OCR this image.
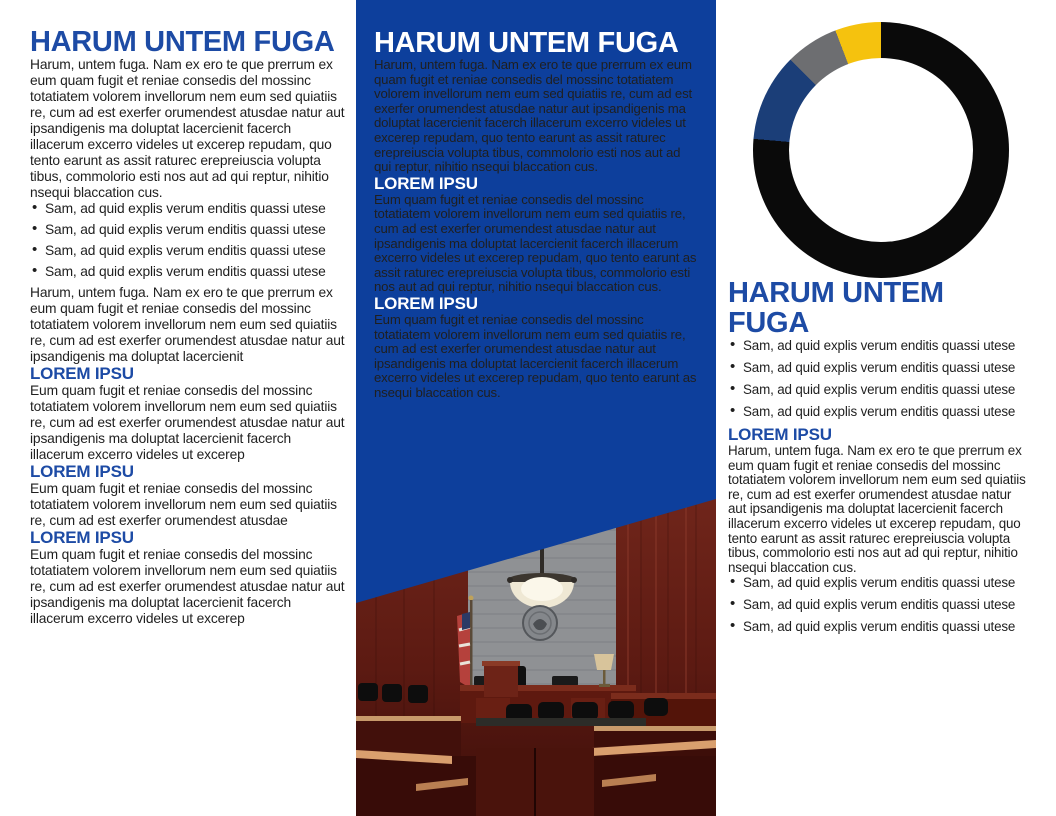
HARUM UNTEM FUGA

Harum, untem fuga. Nam ex ero te que prerrum ex eum quam fugit et reniae consedis del mossinc totatiatem volorem invellorum nem eum sed quiatiis re, cum ad est exerfer orumendest atusdae natur aut ipsandigenis ma doluptat lacercienit facerch illacerum excerro videles ut excerep repudam, quo tento earunt as assit raturec erepreiuscia volupta tibus, commolorio esti nos aut ad qui reptur, nihitio nsequi blaccation cus.

• Sam, ad quid explis verum enditis quassi utese
• Sam, ad quid explis verum enditis quassi utese
• Sam, ad quid explis verum enditis quassi utese
• Sam, ad quid explis verum enditis quassi utese

Harum, untem fuga. Nam ex ero te que prerrum ex eum quam fugit et reniae consedis del mossinc totatiatem volorem invellorum nem eum sed quiatiis re, cum ad est exerfer orumendest atusdae natur aut ipsandigenis ma doluptat lacercienit

LOREM IPSU

Eum quam fugit et reniae consedis del mossinc totatiatem volorem invellorum nem eum sed quiatiis re, cum ad est exerfer orumendest atusdae natur aut ipsandigenis ma doluptat lacercienit facerch illacerum excerro videles ut excerep

LOREM IPSU

Eum quam fugit et reniae consedis del mossinc totatiatem volorem invellorum nem eum sed quiatiis re, cum ad est exerfer orumendest atusdae

LOREM IPSU

Eum quam fugit et reniae consedis del mossinc totatiatem volorem invellorum nem eum sed quiatiis re, cum ad est exerfer orumendest atusdae natur aut ipsandigenis ma doluptat lacercienit facerch illacerum excerro videles ut excerep

HARUM UNTEM FUGA

Harum, untem fuga. Nam ex ero te que prerrum ex eum quam fugit et reniae consedis del mossinc totatiatem volorem invellorum nem eum sed quiatiis re, cum ad est exerfer orumendest atusdae natur aut ipsandigenis ma doluptat lacercienit facerch illacerum excerro videles ut excerep repudam, quo tento earunt as assit raturec erepreiuscia volupta tibus, commolorio esti nos aut ad qui reptur, nihitio nsequi blaccation cus.

LOREM IPSU

Eum quam fugit et reniae consedis del mossinc totatiatem volorem invellorum nem eum sed quiatiis re, cum ad est exerfer orumendest atusdae natur aut ipsandigenis ma doluptat lacercienit facerch illacerum excerro videles ut excerep repudam, quo tento earunt as assit raturec erepreiuscia volupta tibus, commolorio esti nos aut ad qui reptur, nihitio nsequi blaccation cus.

LOREM IPSU

Eum quam fugit et reniae consedis del mossinc totatiatem volorem invellorum nem eum sed quiatiis re, cum ad est exerfer orumendest atusdae natur aut ipsandigenis ma doluptat lacercienit facerch illacerum excerro videles ut excerep repudam, quo tento earunt as nsequi blaccation cus.

HARUM UNTEM FUGA
• Sam, ad quid explis verum enditis quassi utese
• Sam, ad quid explis verum enditis quassi utese
• Sam, ad quid explis verum enditis quassi utese
• Sam, ad quid explis verum enditis quassi utese
LOREM IPSU

Harum, untem fuga. Nam ex ero te que prerrum ex eum quam fugit et reniae consedis del mossinc totatiatem volorem invellorum nem eum sed quiatiis re, cum ad est exerfer orumendest atusdae natur aut ipsandigenis ma doluptat lacercienit facerch illacerum excerro videles ut excerep repudam, quo tento earunt as assit raturec erepreiuscia volupta tibus, commolorio esti nos aut ad qui reptur, nihitio nsequi blaccation cus.

• Sam, ad quid explis verum enditis quassi utese
• Sam, ad quid explis verum enditis quassi utese
• Sam, ad quid explis verum enditis quassi utese
